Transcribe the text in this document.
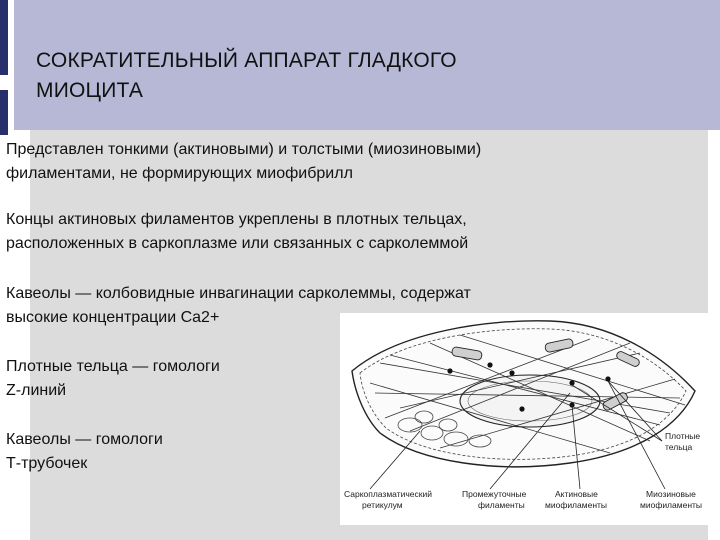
СОКРАТИТЕЛЬНЫЙ АППАРАТ ГЛАДКОГО
МИОЦИТА

Представлен тонкими (актиновыми) и толстыми (миозиновыми)
филаментами, не формирующих миофибрилл

Концы актиновых филаментов укреплены в плотных тельцах,
расположенных в саркоплазме или связанных с сарколеммой

Кавеолы — колбовидные инвагинации сарколеммы, содержат
высокие концентрации Ca2+

Плотные тельца — гомологи
Z-линий

Кавеолы — гомологи
Т-трубочек

Саркоплазматический
ретикулум
Промежуточные
филаменты
Актиновые
миофиламенты
Миозиновые
миофиламенты
Плотные
тельца
